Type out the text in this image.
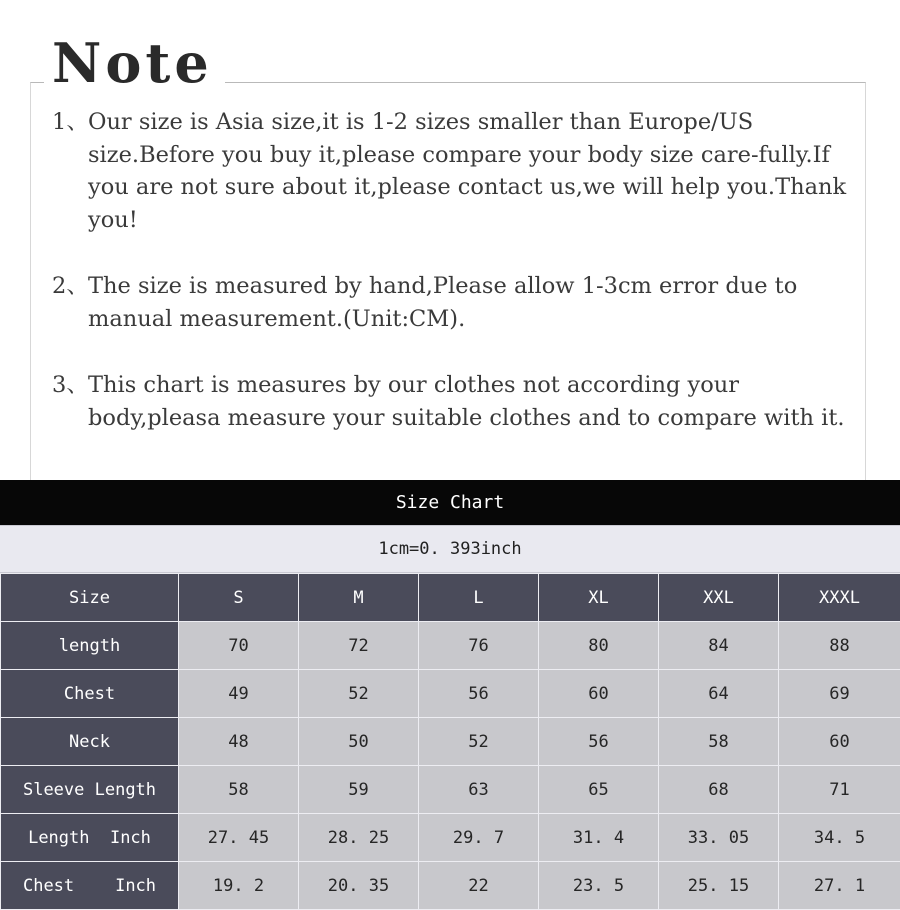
Note
1、 Our size is Asia size,it is 1-2 sizes smaller than Europe/US size.Before you buy it,please compare your body size care-fully.If you are not sure about it,please contact us,we will help you.Thank you!
2、 The size is measured by hand,Please allow 1-3cm error due to manual measurement.(Unit:CM).
3、 This chart is measures by our clothes not according your body,pleasa measure your suitable clothes and to compare with it.
Size Chart
1cm=0. 393inch
Size	S	M	L	XL	XXL	XXXL
length	70	72	76	80	84	88
Chest	49	52	56	60	64	69
Neck	48	50	52	56	58	60
Sleeve Length	58	59	63	65	68	71
Length  Inch	27. 45	28. 25	29. 7	31. 4	33. 05	34. 5
Chest    Inch	19. 2	20. 35	22	23. 5	25. 15	27. 1
